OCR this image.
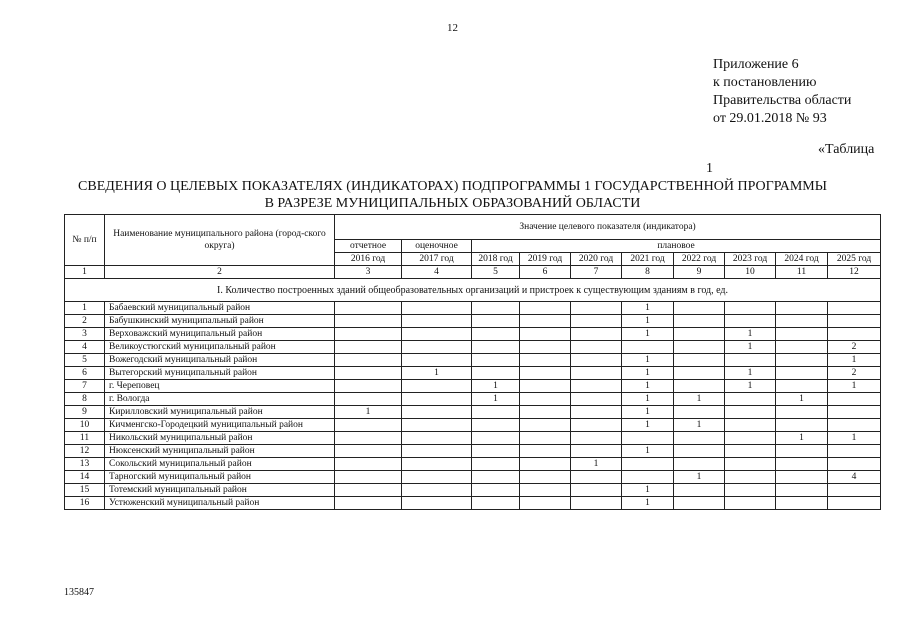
12
Приложение 6
к постановлению
Правительства области
от 29.01.2018 № 93
«Таблица
1
СВЕДЕНИЯ О ЦЕЛЕВЫХ ПОКАЗАТЕЛЯХ (ИНДИКАТОРАХ) ПОДПРОГРАММЫ 1 ГОСУДАРСТВЕННОЙ ПРОГРАММЫ
В РАЗРЕЗЕ МУНИЦИПАЛЬНЫХ ОБРАЗОВАНИЙ ОБЛАСТИ
№ п/п	Наименование муниципального района (город-ского округа)	Значение целевого показателя (индикатора)									
		отчетное	оценочное	плановое							
		2016 год	2017 год	2018 год	2019 год	2020 год	2021 год	2022 год	2023 год	2024 год	2025 год
1	2	3	4	5	6	7	8	9	10	11	12
I. Количество построенных зданий общеобразовательных организаций и пристроек к существующим зданиям в год, ед.											
1	Бабаевский муниципальный район						1				
2	Бабушкинский муниципальный район						1				
3	Верховажский муниципальный район						1		1		
4	Великоустюгский муниципальный район								1		2
5	Вожегодский муниципальный район						1				1
6	Вытегорский муниципальный район		1				1		1		2
7	г. Череповец			1			1		1		1
8	г. Вологда			1			1	1		1	
9	Кирилловский муниципальный район	1					1				
10	Кичменгско-Городецкий муниципальный район						1	1			
11	Никольский муниципальный район									1	1
12	Нюксенский муниципальный район						1				
13	Сокольский муниципальный район					1					
14	Тарногский муниципальный район							1			4
15	Тотемский муниципальный район						1				
16	Устюженский муниципальный район						1				
135847
